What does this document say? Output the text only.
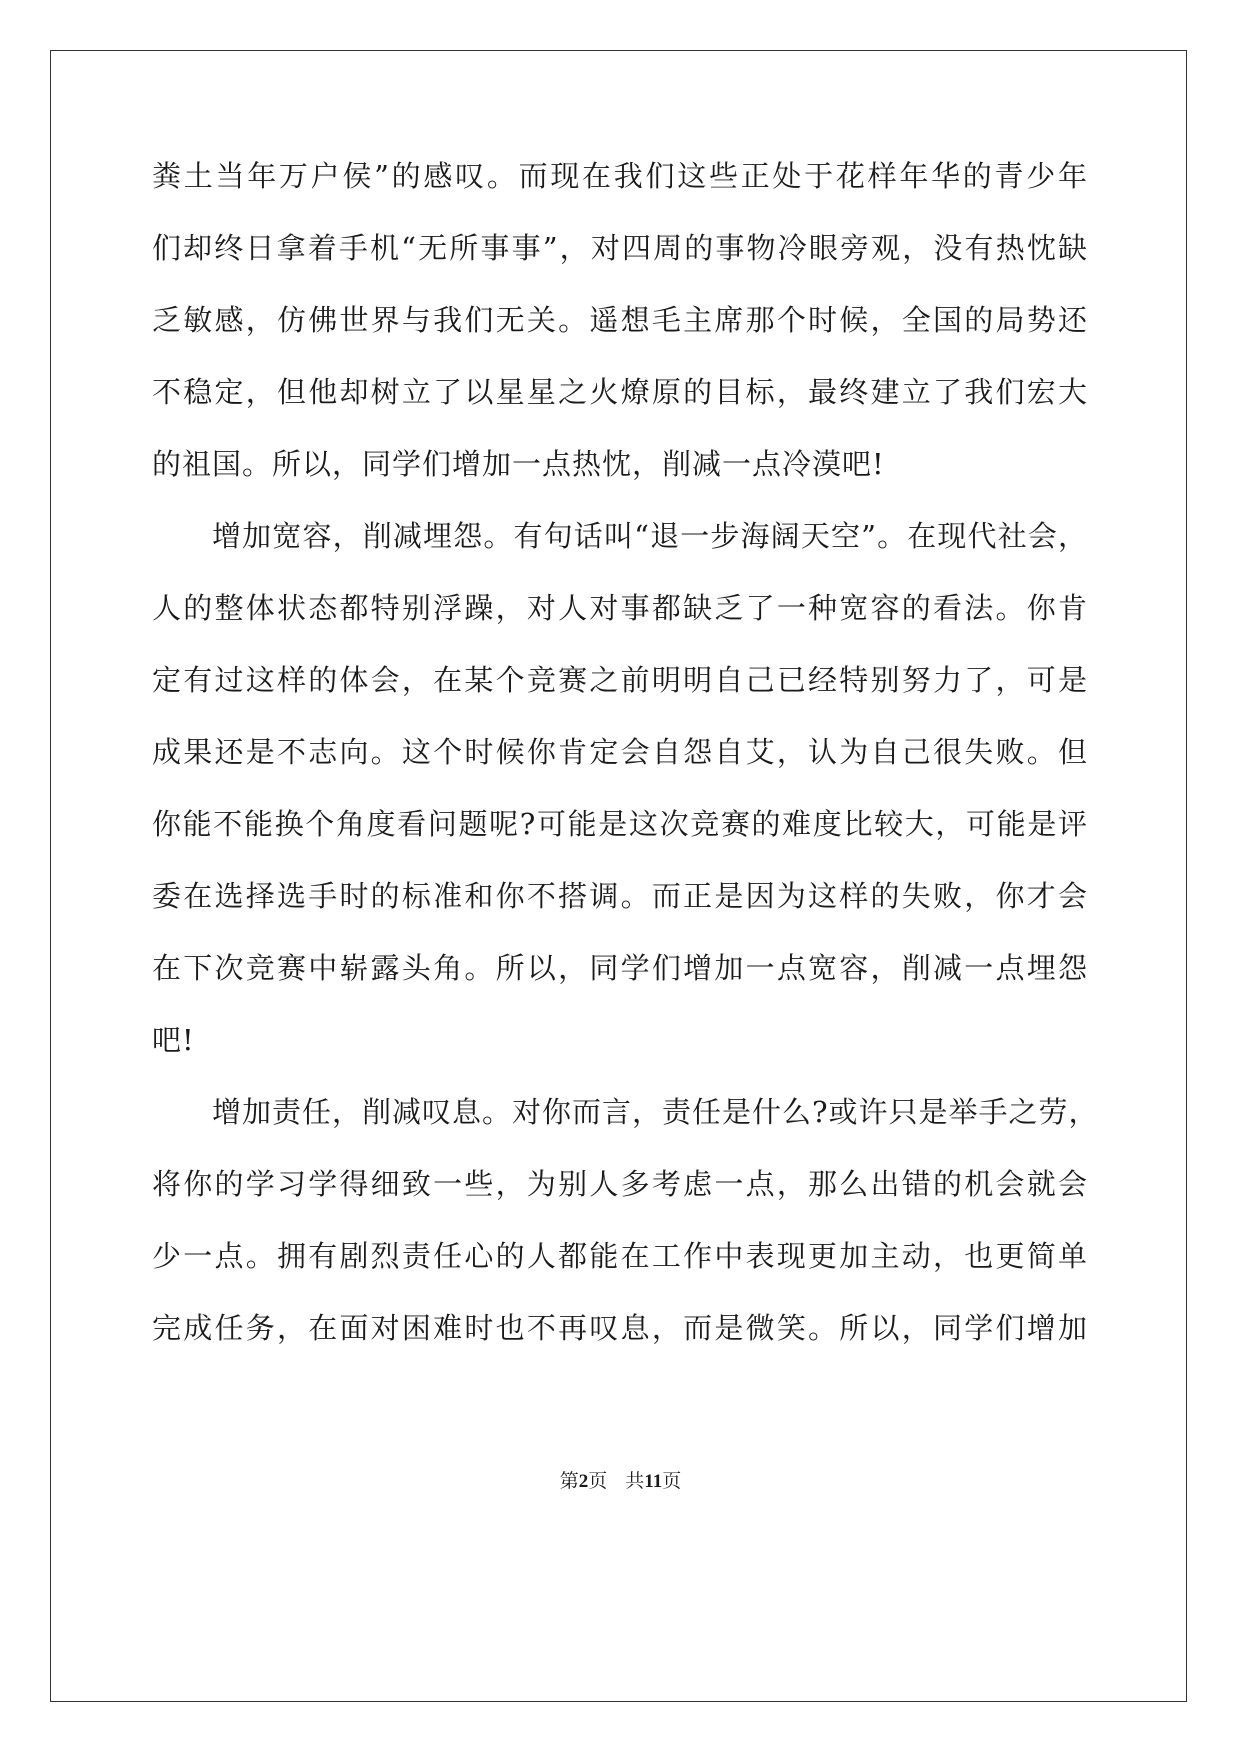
粪土当年万户侯”的感叹。而现在我们这些正处于花样年华的青少年
们却终日拿着手机“无所事事”，对四周的事物冷眼旁观，没有热忱缺
乏敏感，仿佛世界与我们无关。遥想毛主席那个时候，全国的局势还
不稳定，但他却树立了以星星之火燎原的目标，最终建立了我们宏大
的祖国。所以，同学们增加一点热忱，削减一点冷漠吧!

增加宽容，削减埋怨。有句话叫“退一步海阔天空”。在现代社会，
人的整体状态都特别浮躁，对人对事都缺乏了一种宽容的看法。你肯
定有过这样的体会，在某个竞赛之前明明自己已经特别努力了，可是
成果还是不志向。这个时候你肯定会自怨自艾，认为自己很失败。但
你能不能换个角度看问题呢?可能是这次竞赛的难度比较大，可能是评
委在选择选手时的标准和你不搭调。而正是因为这样的失败，你才会
在下次竞赛中崭露头角。所以，同学们增加一点宽容，削减一点埋怨
吧!

增加责任，削减叹息。对你而言，责任是什么?或许只是举手之劳，
将你的学习学得细致一些，为别人多考虑一点，那么出错的机会就会
少一点。拥有剧烈责任心的人都能在工作中表现更加主动，也更简单
完成任务，在面对困难时也不再叹息，而是微笑。所以，同学们增加

第2页 共11页
